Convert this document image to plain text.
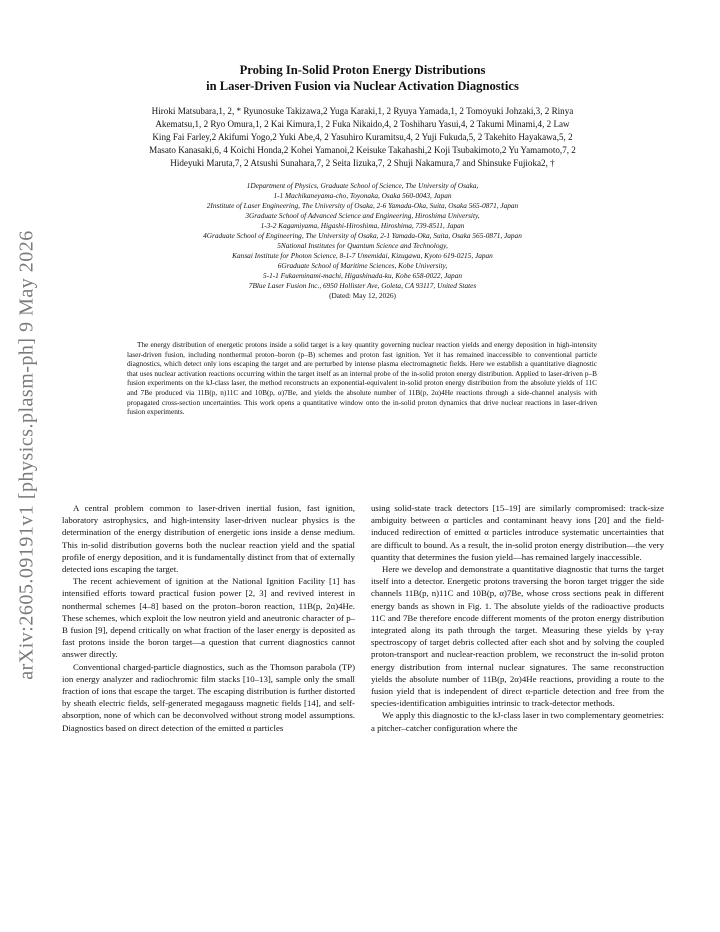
arXiv:2605.09191v1 [physics.plasm-ph] 9 May 2026
Probing In-Solid Proton Energy Distributions
in Laser-Driven Fusion via Nuclear Activation Diagnostics
Hiroki Matsubara,1, 2, * Ryunosuke Takizawa,2 Yuga Karaki,1, 2 Ryuya Yamada,1, 2 Tomoyuki Johzaki,3, 2 Rinya
Akematsu,1, 2 Ryo Omura,1, 2 Kai Kimura,1, 2 Fuka Nikaido,4, 2 Toshiharu Yasui,4, 2 Takumi Minami,4, 2 Law
King Fai Farley,2 Akifumi Yogo,2 Yuki Abe,4, 2 Yasuhiro Kuramitsu,4, 2 Yuji Fukuda,5, 2 Takehito Hayakawa,5, 2
Masato Kanasaki,6, 4 Koichi Honda,2 Kohei Yamanoi,2 Keisuke Takahashi,2 Koji Tsubakimoto,2 Yu Yamamoto,7, 2
Hideyuki Maruta,7, 2 Atsushi Sunahara,7, 2 Seita Iizuka,7, 2 Shuji Nakamura,7 and Shinsuke Fujioka2, †
1Department of Physics, Graduate School of Science, The University of Osaka,
1-1 Machikaneyama-cho, Toyonaka, Osaka 560-0043, Japan
2Institute of Laser Engineering, The University of Osaka, 2-6 Yamada-Oka, Suita, Osaka 565-0871, Japan
3Graduate School of Advanced Science and Engineering, Hiroshima University,
1-3-2 Kagamiyama, Higashi-Hiroshima, Hiroshima, 739-8511, Japan
4Graduate School of Engineering, The University of Osaka, 2-1 Yamada-Oka, Suita, Osaka 565-0871, Japan
5National Institutes for Quantum Science and Technology,
Kansai Institute for Photon Science, 8-1-7 Umemidai, Kizugawa, Kyoto 619-0215, Japan
6Graduate School of Maritime Sciences, Kobe University,
5-1-1 Fukaeminami-machi, Higashinada-ku, Kobe 658-0022, Japan
7Blue Laser Fusion Inc., 6950 Hollister Ave, Goleta, CA 93117, United States
(Dated: May 12, 2026)
The energy distribution of energetic protons inside a solid target is a key quantity governing nuclear reaction yields and energy deposition in high-intensity laser-driven fusion, including nonthermal proton–boron (p–B) schemes and proton fast ignition. Yet it has remained inaccessible to conventional particle diagnostics, which detect only ions escaping the target and are perturbed by intense plasma electromagnetic fields. Here we establish a quantitative diagnostic that uses nuclear activation reactions occurring within the target itself as an internal probe of the in-solid proton energy distribution. Applied to laser-driven p–B fusion experiments on the kJ-class laser, the method reconstructs an exponential-equivalent in-solid proton energy distribution from the absolute yields of 11C and 7Be produced via 11B(p, n)11C and 10B(p, α)7Be, and yields the absolute number of 11B(p, 2α)4He reactions through a side-channel analysis with propagated cross-section uncertainties. This work opens a quantitative window onto the in-solid proton dynamics that drive nuclear reactions in laser-driven fusion experiments.

A central problem common to laser-driven inertial fusion, fast ignition, laboratory astrophysics, and high-intensity laser-driven nuclear physics is the determination of the energy distribution of energetic ions inside a dense medium. This in-solid distribution governs both the nuclear reaction yield and the spatial profile of energy deposition, and it is fundamentally distinct from that of externally detected ions escaping the target.

The recent achievement of ignition at the National Ignition Facility [1] has intensified efforts toward practical fusion power [2, 3] and revived interest in nonthermal schemes [4–8] based on the proton–boron reaction, 11B(p, 2α)4He. These schemes, which exploit the low neutron yield and aneutronic character of p–B fusion [9], depend critically on what fraction of the laser energy is deposited as fast protons inside the boron target—a question that current diagnostics cannot answer directly.

Conventional charged-particle diagnostics, such as the Thomson parabola (TP) ion energy analyzer and radiochromic film stacks [10–13], sample only the small fraction of ions that escape the target. The escaping distribution is further distorted by sheath electric fields, self-generated megagauss magnetic fields [14], and self-absorption, none of which can be deconvolved without strong model assumptions. Diagnostics based on direct detection of the emitted α particles

using solid-state track detectors [15–19] are similarly compromised: track-size ambiguity between α particles and contaminant heavy ions [20] and the field-induced redirection of emitted α particles introduce systematic uncertainties that are difficult to bound. As a result, the in-solid proton energy distribution—the very quantity that determines the fusion yield—has remained largely inaccessible.

Here we develop and demonstrate a quantitative diagnostic that turns the target itself into a detector. Energetic protons traversing the boron target trigger the side channels 11B(p, n)11C and 10B(p, α)7Be, whose cross sections peak in different energy bands as shown in Fig. 1. The absolute yields of the radioactive products 11C and 7Be therefore encode different moments of the proton energy distribution integrated along its path through the target. Measuring these yields by γ-ray spectroscopy of target debris collected after each shot and by solving the coupled proton-transport and nuclear-reaction problem, we reconstruct the in-solid proton energy distribution from internal nuclear signatures. The same reconstruction yields the absolute number of 11B(p, 2α)4He reactions, providing a route to the fusion yield that is independent of direct α-particle detection and free from the species-identification ambiguities intrinsic to track-detector methods.

We apply this diagnostic to the kJ-class laser in two complementary geometries: a pitcher–catcher configuration where the
